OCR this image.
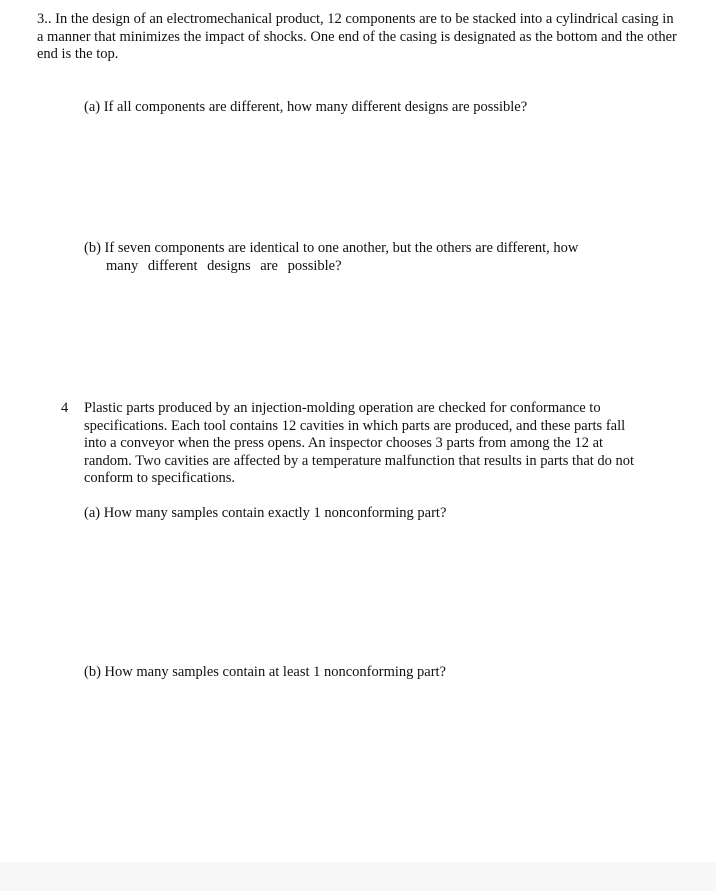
3.. In the design of an electromechanical product, 12 components are to be stacked into a cylindrical casing in a manner that minimizes the impact of shocks. One end of the casing is designated as the bottom and the other end is the top.
(a) If all components are different, how many different designs are possible?
(b) If seven components are identical to one another, but the others are different, how
many different designs are possible?
4 Plastic parts produced by an injection-molding operation are checked for conformance to specifications. Each tool contains 12 cavities in which parts are produced, and these parts fall into a conveyor when the press opens. An inspector chooses 3 parts from among the 12 at random. Two cavities are affected by a temperature malfunction that results in parts that do not conform to specifications.
(a) How many samples contain exactly 1 nonconforming part?
(b) How many samples contain at least 1 nonconforming part?
